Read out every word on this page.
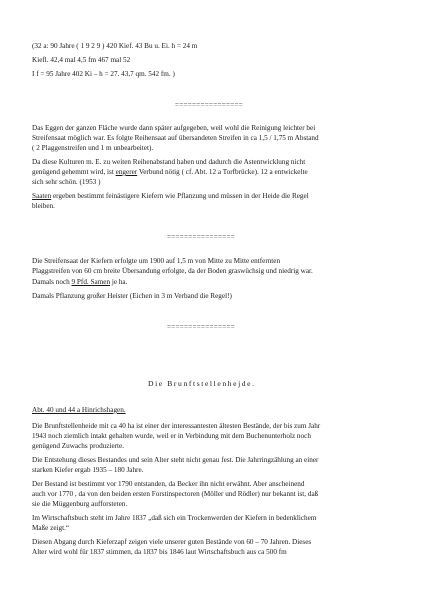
(32 a: 90 Jahre ( 1 9 2 9 ) 420 Kief. 43 Bu u. Ei. h = 24 m

Kiefl. 42,4 mal 4,5 fm 467 mal 52

I f = 95 Jahre 402 Ki – h = 27. 43,7 qm. 542 fm. )

================

Das Eggen der ganzen Fläche wurde dann später aufgegeben, weil wohl die Reinigung leichter bei

Streifensaat möglich war. Es folgte Reihensaat auf übersandeten Streifen in ca 1,5 / 1,75 m Abstand

( 2 Plaggenstreifen und 1 m unbearbeitet).

Da diese Kulturen m. E. zu weiten Reihenabstand haben und dadurch die Astentwicklung nicht

genügend gehemmt wird, ist engerer Verbund nötig ( cf. Abt. 12 a Torfbrücke). 12 a entwickelte

sich sehr schön. (1953 )

Saaten ergeben bestimmt feinästigere Kiefern wie Pflanzung und müssen in der Heide die Regel

bleiben.

================

Die Streifensaat der Kiefern erfolgte um 1900 auf 1,5 m von Mitte zu Mitte entfernten

Plaggstreifen von 60 cm breite Übersandung erfolgte, da der Boden graswüchsig und niedrig war.

Damals noch 9 Pfd. Samen je ha.

Damals Pflanzung großer Heister (Eichen in 3 m Verband die Regel!)

================
Die Brunftstellenhejde.

Abt. 40 und 44 a Hinrichshagen.

Die Brunftstellenheide mit ca 40 ha ist einer der interessantesten ältesten Bestände, der bis zum Jahr

1943 noch ziemlich intakt gehalten wurde, weil er in Verbindung mit dem Buchenunterholz noch

genügend Zuwachs produzierte.

Die Entstehung dieses Bestandes und sein Alter steht nicht genau fest. Die Jahrringzählung an einer

starken Kiefer ergab 1935 – 180 Jahre.

Der Bestand ist bestimmt vor 1790 entstanden, da Becker ihn nicht erwähnt. Aber anscheinend

auch vor 1770 , da von den beiden ersten Forstinspectoren (Möller und Rödler) nur bekannt ist, daß

sie die Müggenburg aufforsteten.

Im Wirtschaftsbuch steht im Jahre 1837 „daß sich ein Trockenwerden der Kiefern in bedenklichem

Maße zeigt.“

Diesen Abgang durch Kieferzapf zeigen viele unserer guten Bestände von 60 – 70 Jahren. Dieses

Alter wird wohl für 1837 stimmen, da 1837 bis 1846 laut Wirtschaftsbuch aus ca 500 fm
